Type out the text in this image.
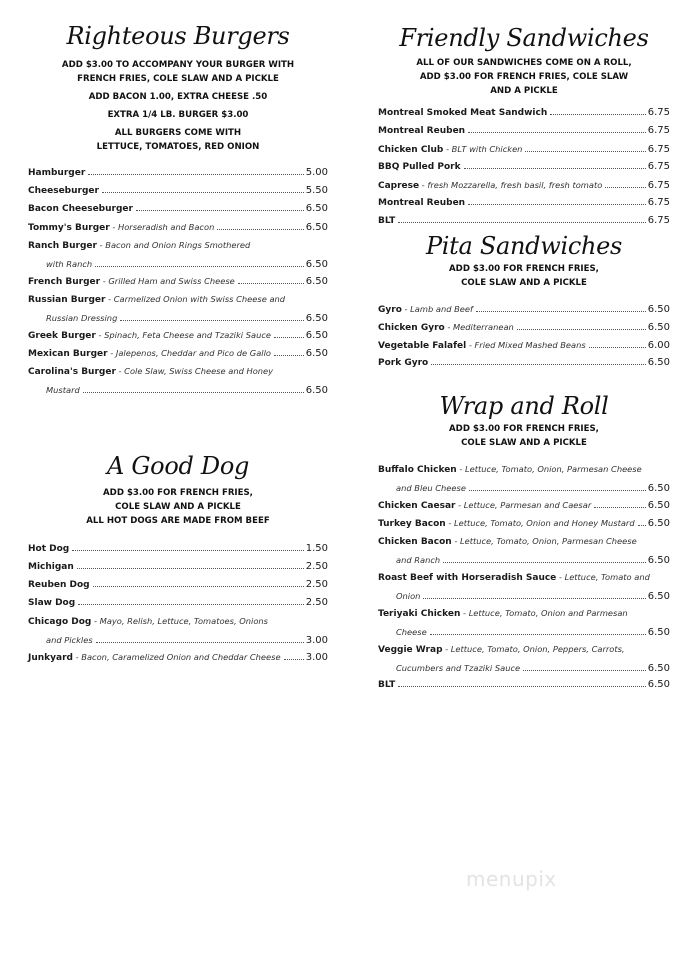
Righteous Burgers
ADD $3.00 TO ACCOMPANY YOUR BURGER WITH
FRENCH FRIES, COLE SLAW AND A PICKLE
ADD BACON 1.00, EXTRA CHEESE .50
EXTRA 1/4 LB. BURGER $3.00
ALL BURGERS COME WITH
LETTUCE, TOMATOES, RED ONION
Hamburger	5.00
Cheeseburger	5.50
Bacon Cheeseburger	6.50
Tommy's Burger - Horseradish and Bacon	6.50
Ranch Burger - Bacon and Onion Rings Smothered
with Ranch	6.50
French Burger - Grilled Ham and Swiss Cheese	6.50
Russian Burger - Carmelized Onion with Swiss Cheese and
Russian Dressing	6.50
Greek Burger - Spinach, Feta Cheese and Tzaziki Sauce	6.50
Mexican Burger - Jalepenos, Cheddar and Pico de Gallo	6.50
Carolina's Burger - Cole Slaw, Swiss Cheese and Honey
Mustard	6.50
A Good Dog
ADD $3.00 FOR FRENCH FRIES,
COLE SLAW AND A PICKLE
ALL HOT DOGS ARE MADE FROM BEEF
Hot Dog	1.50
Michigan	2.50
Reuben Dog	2.50
Slaw Dog	2.50
Chicago Dog - Mayo, Relish, Lettuce, Tomatoes, Onions
and Pickles	3.00
Junkyard - Bacon, Caramelized Onion and Cheddar Cheese	3.00
Friendly Sandwiches
ALL OF OUR SANDWICHES COME ON A ROLL,
ADD $3.00 FOR FRENCH FRIES, COLE SLAW
AND A PICKLE
Montreal Smoked Meat Sandwich	6.75
Montreal Reuben	6.75
Chicken Club - BLT with Chicken	6.75
BBQ Pulled Pork	6.75
Caprese - fresh Mozzarella, fresh basil, fresh tomato	6.75
Montreal Reuben	6.75
BLT	6.75
Pita Sandwiches
ADD $3.00 FOR FRENCH FRIES,
COLE SLAW AND A PICKLE
Gyro - Lamb and Beef	6.50
Chicken Gyro - Mediterranean	6.50
Vegetable Falafel - Fried Mixed Mashed Beans	6.00
Pork Gyro	6.50
Wrap and Roll
ADD $3.00 FOR FRENCH FRIES,
COLE SLAW AND A PICKLE
Buffalo Chicken - Lettuce, Tomato, Onion, Parmesan Cheese
and Bleu Cheese	6.50
Chicken Caesar - Lettuce, Parmesan and Caesar	6.50
Turkey Bacon - Lettuce, Tomato, Onion and Honey Mustard 6.50
Chicken Bacon - Lettuce, Tomato, Onion, Parmesan Cheese
and Ranch	6.50
Roast Beef with Horseradish Sauce - Lettuce, Tomato and
Onion	6.50
Teriyaki Chicken - Lettuce, Tomato, Onion and Parmesan
Cheese	6.50
Veggie Wrap - Lettuce, Tomato, Onion, Peppers, Carrots,
Cucumbers and Tzaziki Sauce	6.50
BLT	6.50
menupix
